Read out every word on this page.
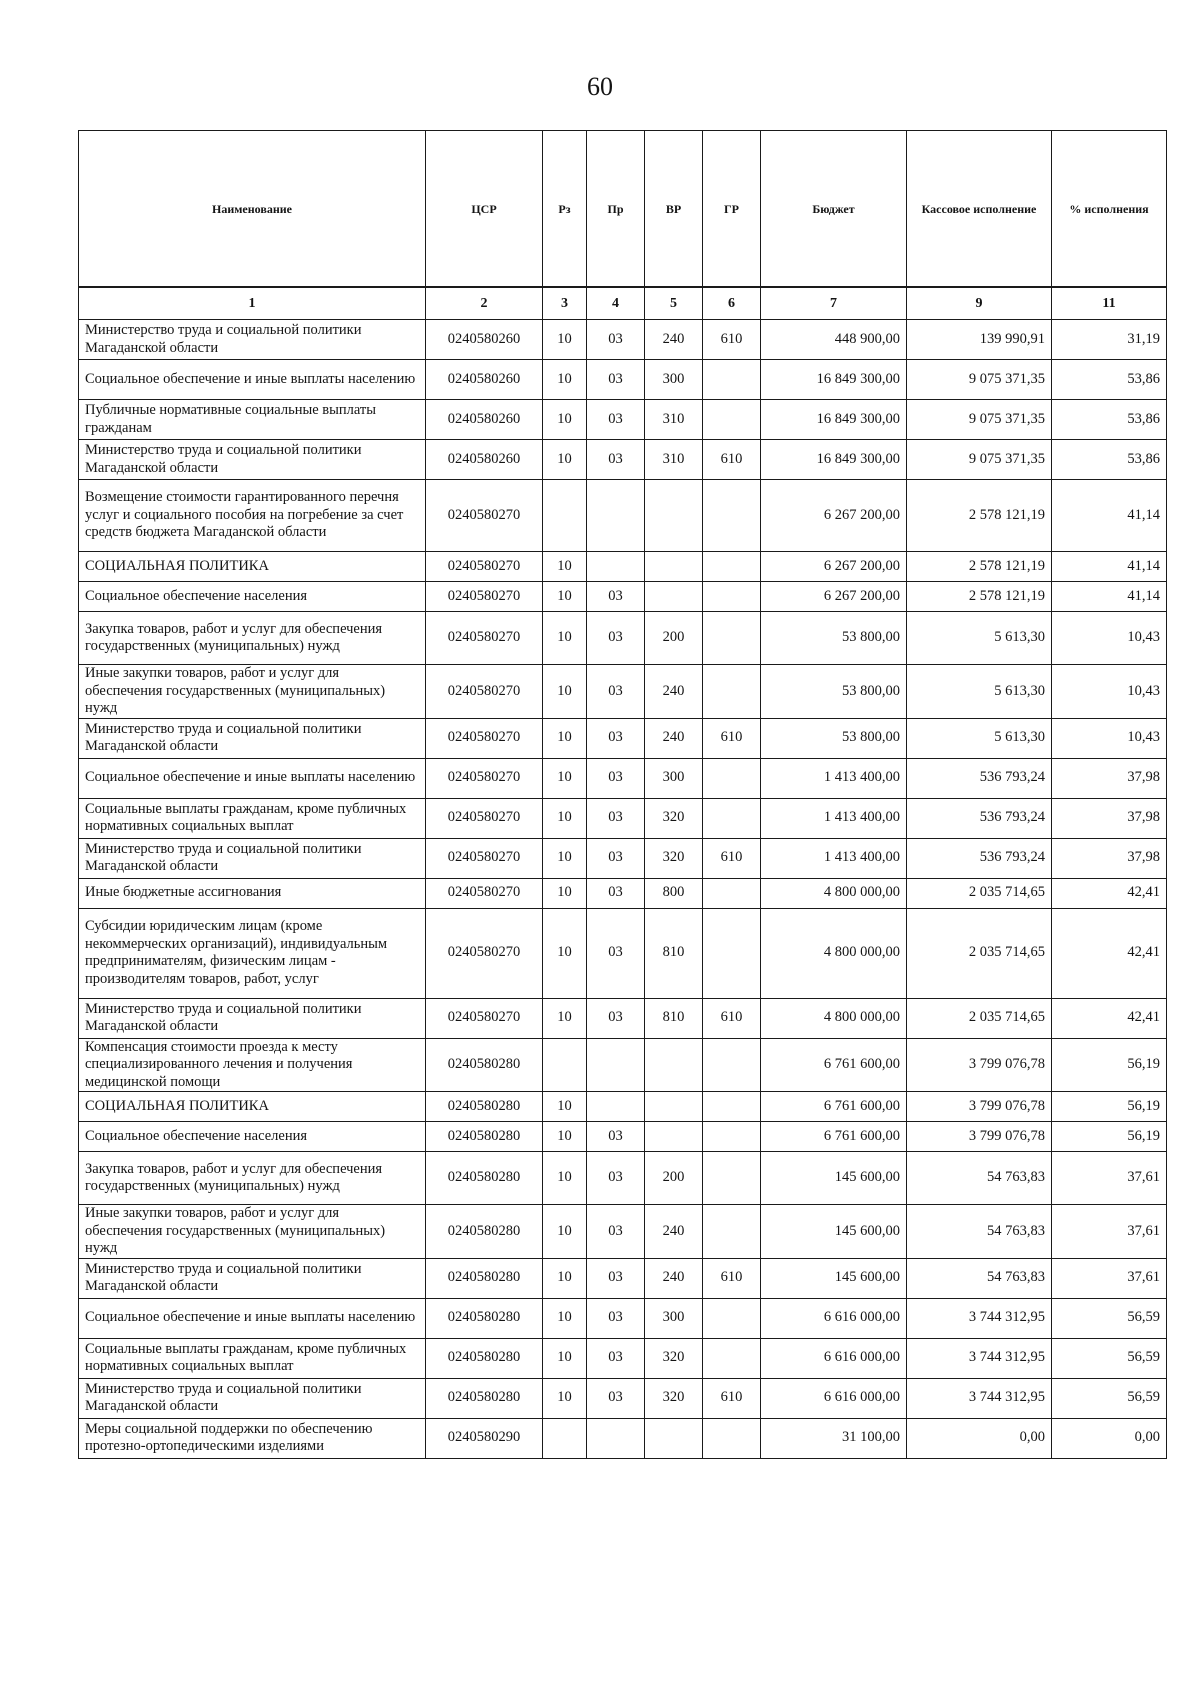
60
Наименование	ЦСР	Рз	Пр	ВР	ГР	Бюджет	Кассовое исполнение	% исполнения
1	2	3	4	5	6	7	9	11
Министерство труда и социальной политики Магаданской области	0240580260	10	03	240	610	448 900,00	139 990,91	31,19
Социальное обеспечение и иные выплаты населению	0240580260	10	03	300		16 849 300,00	9 075 371,35	53,86
Публичные нормативные социальные выплаты гражданам	0240580260	10	03	310		16 849 300,00	9 075 371,35	53,86
Министерство труда и социальной политики Магаданской области	0240580260	10	03	310	610	16 849 300,00	9 075 371,35	53,86
Возмещение стоимости гарантированного перечня услуг и социального пособия на погребение за счет средств бюджета Магаданской области	0240580270					6 267 200,00	2 578 121,19	41,14
СОЦИАЛЬНАЯ ПОЛИТИКА	0240580270	10				6 267 200,00	2 578 121,19	41,14
Социальное обеспечение населения	0240580270	10	03			6 267 200,00	2 578 121,19	41,14
Закупка товаров, работ и услуг для обеспечения государственных (муниципальных) нужд	0240580270	10	03	200		53 800,00	5 613,30	10,43
Иные закупки товаров, работ и услуг для обеспечения государственных (муниципальных) нужд	0240580270	10	03	240		53 800,00	5 613,30	10,43
Министерство труда и социальной политики Магаданской области	0240580270	10	03	240	610	53 800,00	5 613,30	10,43
Социальное обеспечение и иные выплаты населению	0240580270	10	03	300		1 413 400,00	536 793,24	37,98
Социальные выплаты гражданам, кроме публичных нормативных социальных выплат	0240580270	10	03	320		1 413 400,00	536 793,24	37,98
Министерство труда и социальной политики Магаданской области	0240580270	10	03	320	610	1 413 400,00	536 793,24	37,98
Иные бюджетные ассигнования	0240580270	10	03	800		4 800 000,00	2 035 714,65	42,41
Субсидии юридическим лицам (кроме некоммерческих организаций), индивидуальным предпринимателям, физическим лицам - производителям товаров, работ, услуг	0240580270	10	03	810		4 800 000,00	2 035 714,65	42,41
Министерство труда и социальной политики Магаданской области	0240580270	10	03	810	610	4 800 000,00	2 035 714,65	42,41
Компенсация стоимости проезда к месту специализированного лечения и получения медицинской помощи	0240580280					6 761 600,00	3 799 076,78	56,19
СОЦИАЛЬНАЯ ПОЛИТИКА	0240580280	10				6 761 600,00	3 799 076,78	56,19
Социальное обеспечение населения	0240580280	10	03			6 761 600,00	3 799 076,78	56,19
Закупка товаров, работ и услуг для обеспечения государственных (муниципальных) нужд	0240580280	10	03	200		145 600,00	54 763,83	37,61
Иные закупки товаров, работ и услуг для обеспечения государственных (муниципальных) нужд	0240580280	10	03	240		145 600,00	54 763,83	37,61
Министерство труда и социальной политики Магаданской области	0240580280	10	03	240	610	145 600,00	54 763,83	37,61
Социальное обеспечение и иные выплаты населению	0240580280	10	03	300		6 616 000,00	3 744 312,95	56,59
Социальные выплаты гражданам, кроме публичных нормативных социальных выплат	0240580280	10	03	320		6 616 000,00	3 744 312,95	56,59
Министерство труда и социальной политики Магаданской области	0240580280	10	03	320	610	6 616 000,00	3 744 312,95	56,59
Меры социальной поддержки по обеспечению протезно-ортопедическими изделиями	0240580290					31 100,00	0,00	0,00
